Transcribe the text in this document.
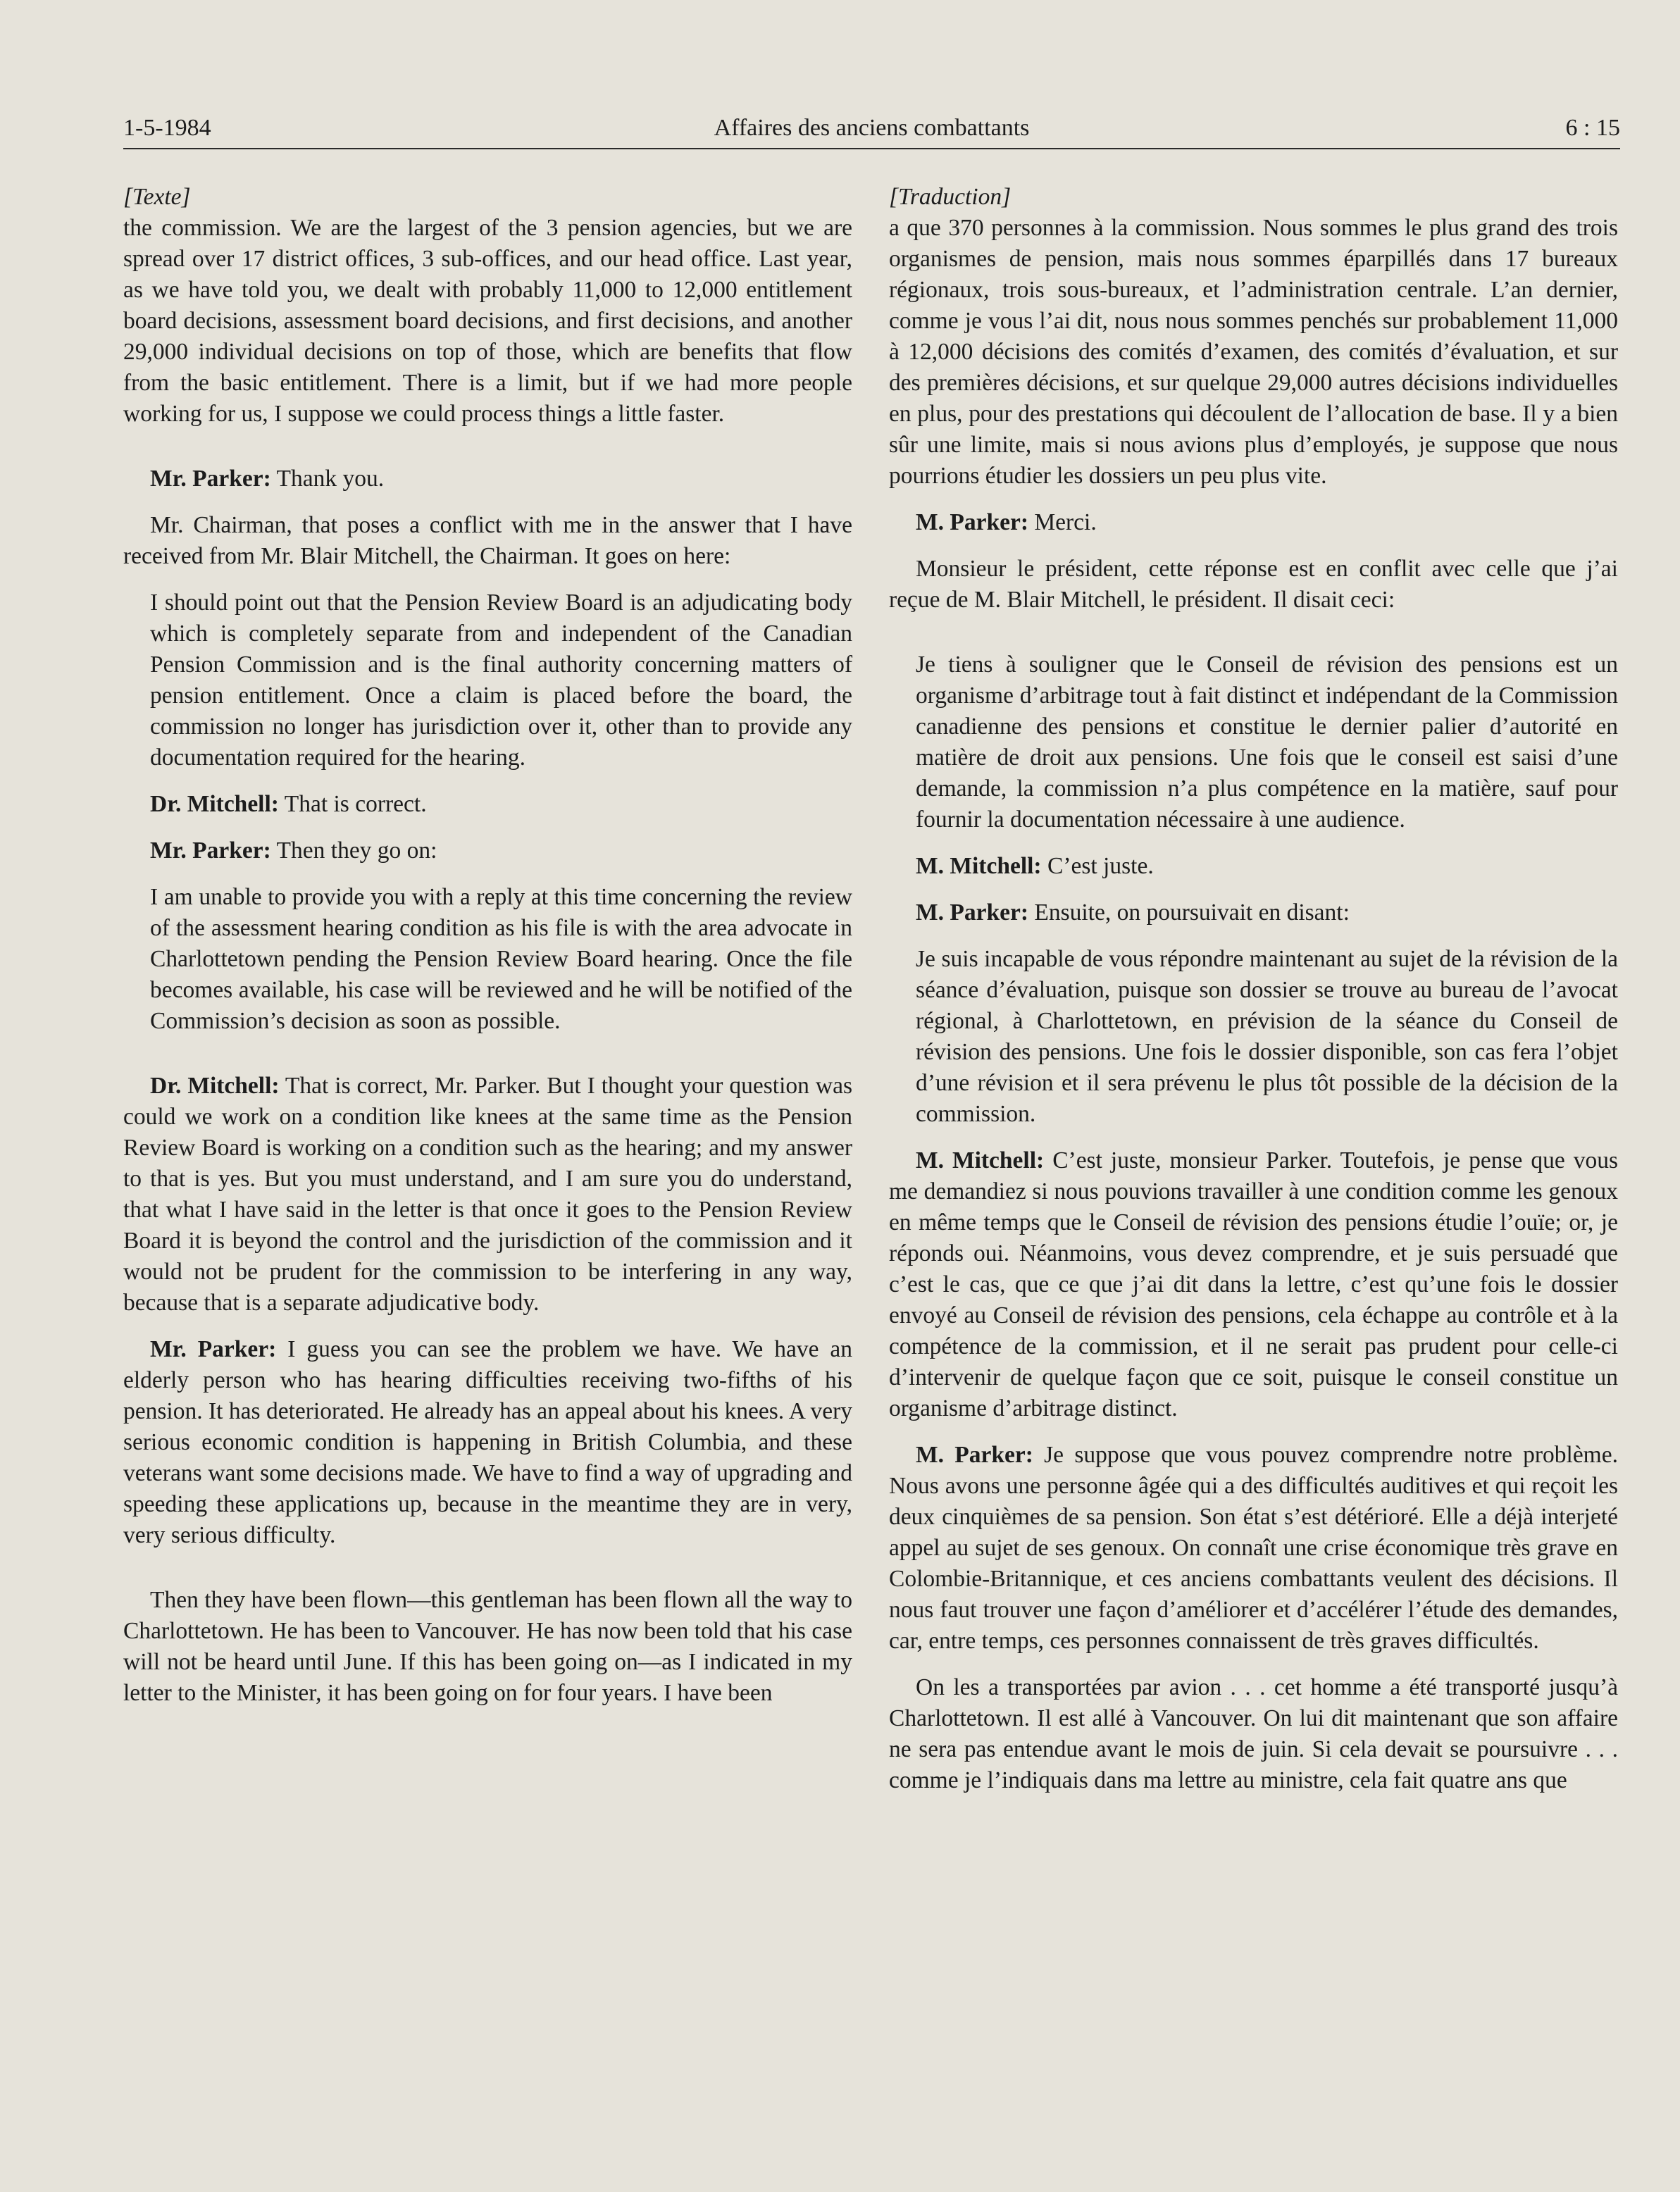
1-5-1984	Affaires des anciens combattants	6 : 15

[Texte]

the commission. We are the largest of the 3 pension agencies, but we are spread over 17 district offices, 3 sub-offices, and our head office. Last year, as we have told you, we dealt with probably 11,000 to 12,000 entitlement board decisions, assessment board decisions, and first decisions, and another 29,000 individual decisions on top of those, which are benefits that flow from the basic entitlement. There is a limit, but if we had more people working for us, I suppose we could process things a little faster.

Mr. Parker: Thank you.

Mr. Chairman, that poses a conflict with me in the answer that I have received from Mr. Blair Mitchell, the Chairman. It goes on here:

I should point out that the Pension Review Board is an adjudicating body which is completely separate from and independent of the Canadian Pension Commission and is the final authority concerning matters of pension entitlement. Once a claim is placed before the board, the commission no longer has jurisdiction over it, other than to provide any documentation required for the hearing.

Dr. Mitchell: That is correct.

Mr. Parker: Then they go on:

I am unable to provide you with a reply at this time concerning the review of the assessment hearing condition as his file is with the area advocate in Charlottetown pending the Pension Review Board hearing. Once the file becomes available, his case will be reviewed and he will be notified of the Commission’s decision as soon as possible.

Dr. Mitchell: That is correct, Mr. Parker. But I thought your question was could we work on a condition like knees at the same time as the Pension Review Board is working on a condition such as the hearing; and my answer to that is yes. But you must understand, and I am sure you do understand, that what I have said in the letter is that once it goes to the Pension Review Board it is beyond the control and the jurisdiction of the commission and it would not be prudent for the commission to be interfering in any way, because that is a separate adjudicative body.

Mr. Parker: I guess you can see the problem we have. We have an elderly person who has hearing difficulties receiving two-fifths of his pension. It has deteriorated. He already has an appeal about his knees. A very serious economic condition is happening in British Columbia, and these veterans want some decisions made. We have to find a way of upgrading and speeding these applications up, because in the meantime they are in very, very serious difficulty.

Then they have been flown—this gentleman has been flown all the way to Charlottetown. He has been to Vancouver. He has now been told that his case will not be heard until June. If this has been going on—as I indicated in my letter to the Minister, it has been going on for four years. I have been

[Traduction]

a que 370 personnes à la commission. Nous sommes le plus grand des trois organismes de pension, mais nous sommes éparpillés dans 17 bureaux régionaux, trois sous-bureaux, et l’administration centrale. L’an dernier, comme je vous l’ai dit, nous nous sommes penchés sur probablement 11,000 à 12,000 décisions des comités d’examen, des comités d’évaluation, et sur des premières décisions, et sur quelque 29,000 autres décisions individuelles en plus, pour des prestations qui découlent de l’allocation de base. Il y a bien sûr une limite, mais si nous avions plus d’employés, je suppose que nous pourrions étudier les dossiers un peu plus vite.

M. Parker: Merci.

Monsieur le président, cette réponse est en conflit avec celle que j’ai reçue de M. Blair Mitchell, le président. Il disait ceci:

Je tiens à souligner que le Conseil de révision des pensions est un organisme d’arbitrage tout à fait distinct et indépendant de la Commission canadienne des pensions et constitue le dernier palier d’autorité en matière de droit aux pensions. Une fois que le conseil est saisi d’une demande, la commission n’a plus compétence en la matière, sauf pour fournir la documentation nécessaire à une audience.

M. Mitchell: C’est juste.

M. Parker: Ensuite, on poursuivait en disant:

Je suis incapable de vous répondre maintenant au sujet de la révision de la séance d’évaluation, puisque son dossier se trouve au bureau de l’avocat régional, à Charlottetown, en prévision de la séance du Conseil de révision des pensions. Une fois le dossier disponible, son cas fera l’objet d’une révision et il sera prévenu le plus tôt possible de la décision de la commission.

M. Mitchell: C’est juste, monsieur Parker. Toutefois, je pense que vous me demandiez si nous pouvions travailler à une condition comme les genoux en même temps que le Conseil de révision des pensions étudie l’ouïe; or, je réponds oui. Néanmoins, vous devez comprendre, et je suis persuadé que c’est le cas, que ce que j’ai dit dans la lettre, c’est qu’une fois le dossier envoyé au Conseil de révision des pensions, cela échappe au contrôle et à la compétence de la commission, et il ne serait pas prudent pour celle-ci d’intervenir de quelque façon que ce soit, puisque le conseil constitue un organisme d’arbitrage distinct.

M. Parker: Je suppose que vous pouvez comprendre notre problème. Nous avons une personne âgée qui a des difficultés auditives et qui reçoit les deux cinquièmes de sa pension. Son état s’est détérioré. Elle a déjà interjeté appel au sujet de ses genoux. On connaît une crise économique très grave en Colombie-Britannique, et ces anciens combattants veulent des décisions. Il nous faut trouver une façon d’améliorer et d’accélérer l’étude des demandes, car, entre temps, ces personnes connaissent de très graves difficultés.

On les a transportées par avion . . . cet homme a été transporté jusqu’à Charlottetown. Il est allé à Vancouver. On lui dit maintenant que son affaire ne sera pas entendue avant le mois de juin. Si cela devait se poursuivre . . . comme je l’indiquais dans ma lettre au ministre, cela fait quatre ans que
